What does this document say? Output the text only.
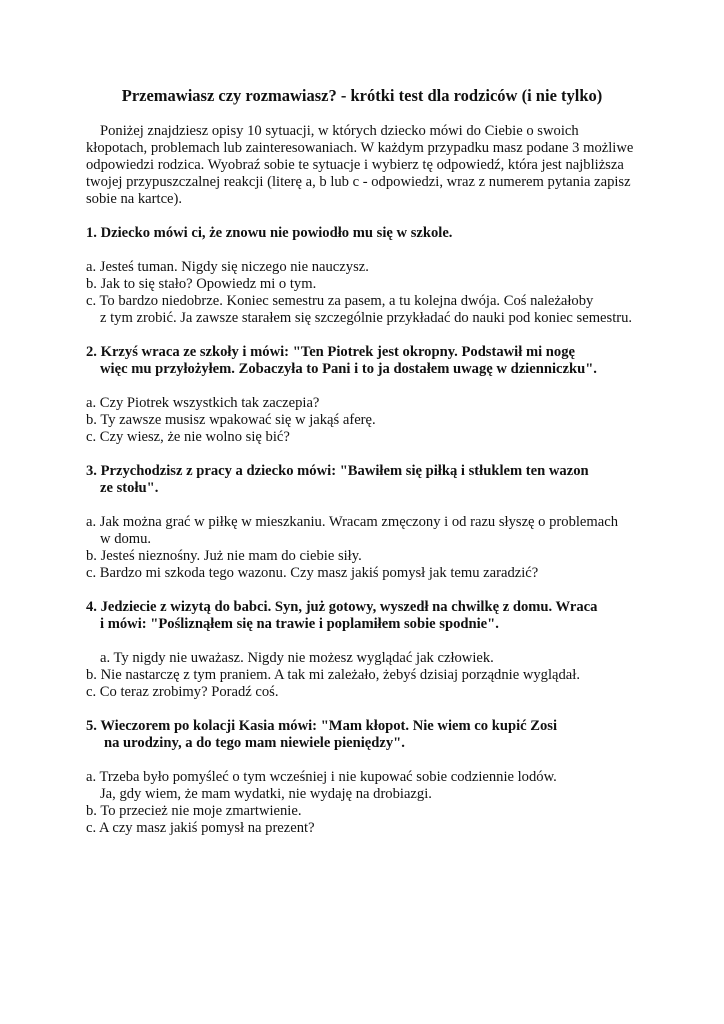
Przemawiasz czy rozmawiasz? - krótki test dla rodziców (i nie tylko)
Poniżej znajdziesz opisy 10 sytuacji, w których dziecko mówi do Ciebie o swoich
kłopotach, problemach lub zainteresowaniach. W każdym przypadku masz podane 3 możliwe
odpowiedzi rodzica. Wyobraź sobie te sytuacje i wybierz tę odpowiedź, która jest najbliższa
twojej przypuszczalnej reakcji (literę a, b lub c - odpowiedzi, wraz z numerem pytania zapisz
sobie na kartce).
1. Dziecko mówi ci, że znowu nie powiodło mu się w szkole.
a. Jesteś tuman. Nigdy się niczego nie nauczysz.
b. Jak to się stało? Opowiedz mi o tym.
c. To bardzo niedobrze. Koniec semestru za pasem, a tu kolejna dwója. Coś należałoby
z tym zrobić. Ja zawsze starałem się szczególnie przykładać do nauki pod koniec semestru.
2. Krzyś wraca ze szkoły i mówi: "Ten Piotrek jest okropny. Podstawił mi nogę
więc mu przyłożyłem. Zobaczyła to Pani i to ja dostałem uwagę w dzienniczku".
a. Czy Piotrek wszystkich tak zaczepia?
b. Ty zawsze musisz wpakować się w jakąś aferę.
c. Czy wiesz, że nie wolno się bić?
3. Przychodzisz z pracy a dziecko mówi: "Bawiłem się piłką i stłuklem ten wazon
ze stołu".
a. Jak można grać w piłkę w mieszkaniu. Wracam zmęczony i od razu słyszę o problemach
w domu.
b. Jesteś nieznośny. Już nie mam do ciebie siły.
c. Bardzo mi szkoda tego wazonu. Czy masz jakiś pomysł jak temu zaradzić?
4. Jedziecie z wizytą do babci. Syn, już gotowy, wyszedł na chwilkę z domu. Wraca
i mówi: "Pośliznąłem się na trawie i poplamiłem sobie spodnie".
a. Ty nigdy nie uważasz. Nigdy nie możesz wyglądać jak człowiek.
b. Nie nastarczę z tym praniem. A tak mi zależało, żebyś dzisiaj porządnie wyglądał.
c. Co teraz zrobimy? Poradź coś.
5. Wieczorem po kolacji Kasia mówi: "Mam kłopot. Nie wiem co kupić Zosi
na urodziny, a do tego mam niewiele pieniędzy".
a. Trzeba było pomyśleć o tym wcześniej i nie kupować sobie codziennie lodów.
Ja, gdy wiem, że mam wydatki, nie wydaję na drobiazgi.
b. To przecież nie moje zmartwienie.
c. A czy masz jakiś pomysł na prezent?
